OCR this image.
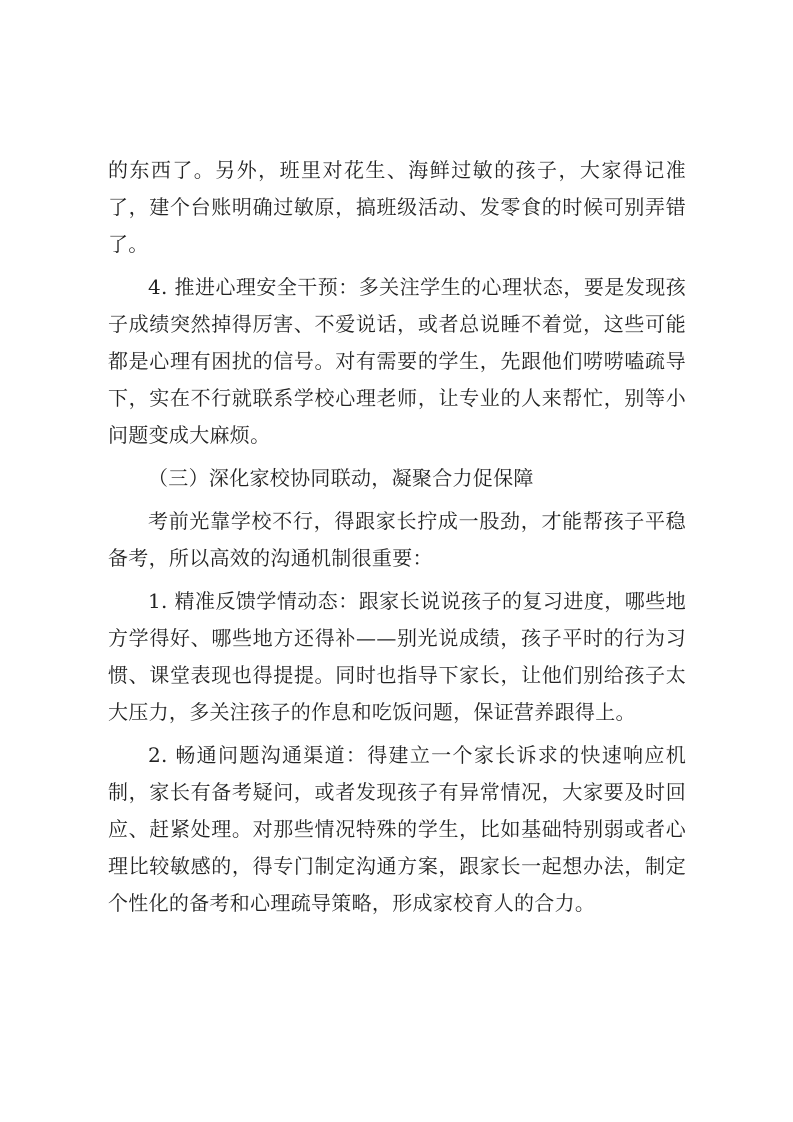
的东西了。另外，班里对花生、海鲜过敏的孩子，大家得记准了，建个台账明确过敏原，搞班级活动、发零食的时候可别弄错了。

4. 推进心理安全干预：多关注学生的心理状态，要是发现孩子成绩突然掉得厉害、不爱说话，或者总说睡不着觉，这些可能都是心理有困扰的信号。对有需要的学生，先跟他们唠唠嗑疏导下，实在不行就联系学校心理老师，让专业的人来帮忙，别等小问题变成大麻烦。

（三）深化家校协同联动，凝聚合力促保障

考前光靠学校不行，得跟家长拧成一股劲，才能帮孩子平稳备考，所以高效的沟通机制很重要：

1. 精准反馈学情动态：跟家长说说孩子的复习进度，哪些地方学得好、哪些地方还得补——别光说成绩，孩子平时的行为习惯、课堂表现也得提提。同时也指导下家长，让他们别给孩子太大压力，多关注孩子的作息和吃饭问题，保证营养跟得上。

2. 畅通问题沟通渠道：得建立一个家长诉求的快速响应机制，家长有备考疑问，或者发现孩子有异常情况，大家要及时回应、赶紧处理。对那些情况特殊的学生，比如基础特别弱或者心理比较敏感的，得专门制定沟通方案，跟家长一起想办法，制定个性化的备考和心理疏导策略，形成家校育人的合力。
